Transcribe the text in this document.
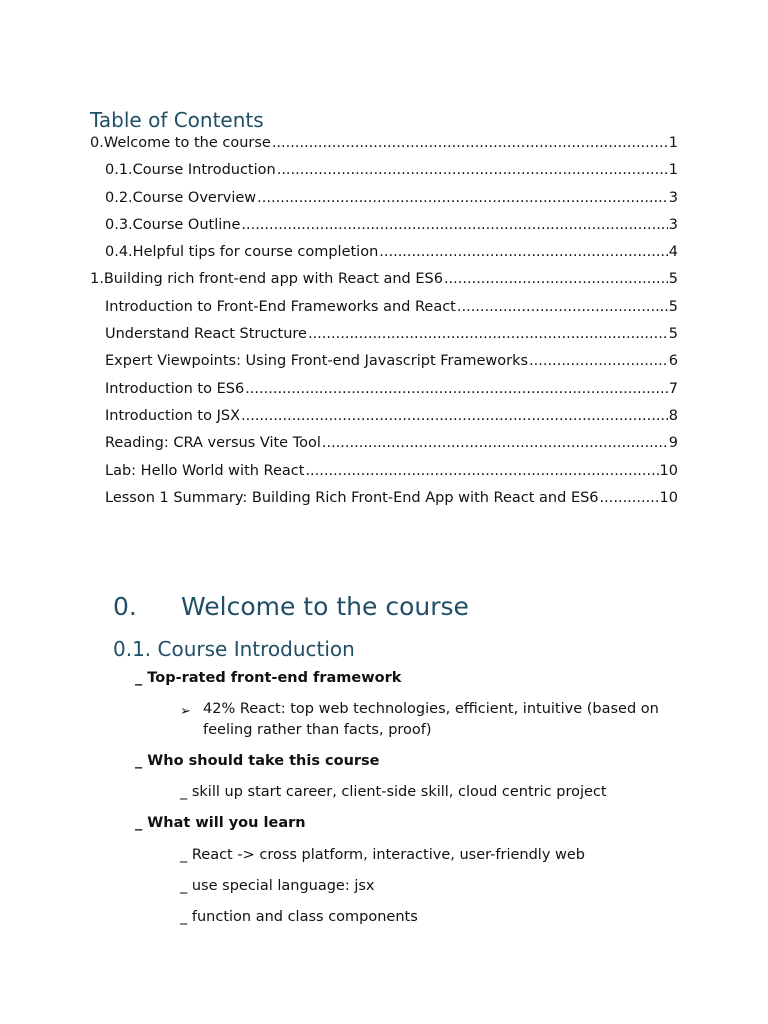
Table of Contents
0. Welcome to the course .....	1
0.1. Course Introduction .....	1
0.2. Course Overview .....	3
0.3. Course Outline .....	3
0.4. Helpful tips for course completion .....	4
1. Building rich front-end app with React and ES6 .....	5
Introduction to Front-End Frameworks and React .....	5
Understand React Structure .....	5
Expert Viewpoints: Using Front-end Javascript Frameworks .....	6
Introduction to ES6 .....	7
Introduction to JSX .....	8
Reading: CRA versus Vite Tool .....	9
Lab: Hello World with React .....	10
Lesson 1 Summary: Building Rich Front-End App with React and ES6 .....	10
0. Welcome to the course
0.1. Course Introduction
_ Top-rated front-end framework
➢ 42% React: top web technologies, efficient, intuitive (based on
feeling rather than facts, proof)
_ Who should take this course
_ skill up start career, client-side skill, cloud centric project
_ What will you learn
_ React -> cross platform, interactive, user-friendly web
_ use special language: jsx
_ function and class components
